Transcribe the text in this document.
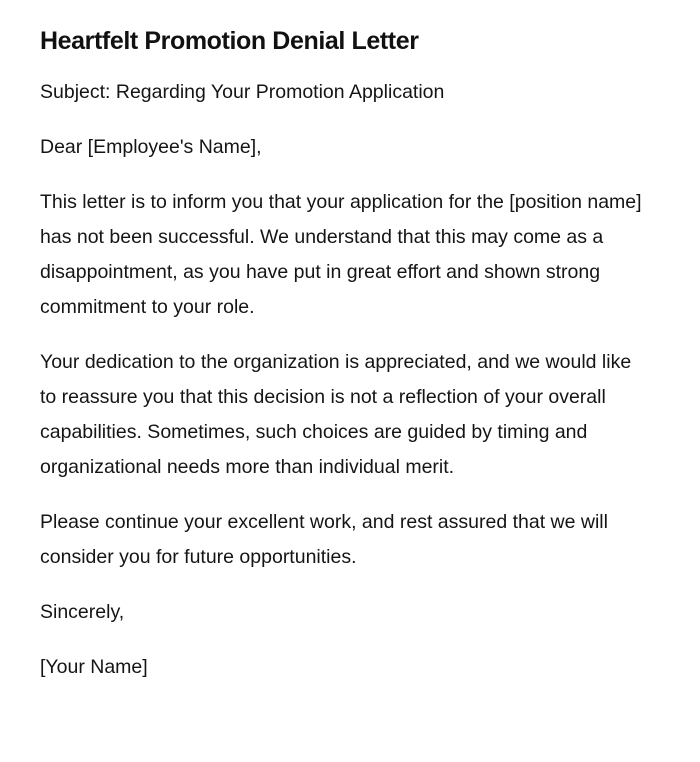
Heartfelt Promotion Denial Letter

Subject: Regarding Your Promotion Application

Dear [Employee's Name],

This letter is to inform you that your application for the [position name] has not been successful. We understand that this may come as a disappointment, as you have put in great effort and shown strong commitment to your role.

Your dedication to the organization is appreciated, and we would like to reassure you that this decision is not a reflection of your overall capabilities. Sometimes, such choices are guided by timing and organizational needs more than individual merit.

Please continue your excellent work, and rest assured that we will consider you for future opportunities.

Sincerely,

[Your Name]
